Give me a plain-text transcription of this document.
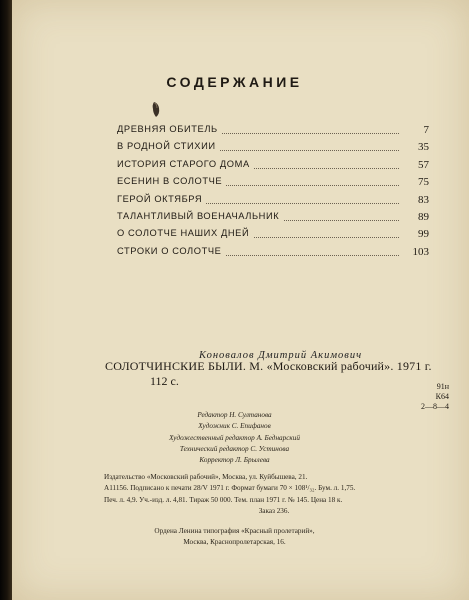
СОДЕРЖАНИЕ
ДРЕВНЯЯ ОБИТЕЛЬ	7
В РОДНОЙ СТИХИИ	35
ИСТОРИЯ СТАРОГО ДОМА	57
ЕСЕНИН В СОЛОТЧЕ	75
ГЕРОЙ ОКТЯБРЯ	83
ТАЛАНТЛИВЫЙ ВОЕНАЧАЛЬНИК	89
О СОЛОТЧЕ НАШИХ ДНЕЙ	99
СТРОКИ О СОЛОТЧЕ	103
Коновалов Дмитрий Акимович
СОЛОТЧИНСКИЕ БЫЛИ. М. «Московский рабочий». 1971 г.
112 с.	91н
К64
2—8—4
Редактор Н. Султанова
Художник С. Епифанов
Художественный редактор А. Беднарский
Технический редактор С. Устинова
Корректор Л. Брылева
Издательство «Московский рабочий», Москва, ул. Куйбышева, 21.
А11156. Подписано к печати 28/V 1971 г. Формат бумаги 70 × 108¹/₃₂. Бум. л. 1,75.
Печ. л. 4,9. Уч.-изд. л. 4,81. Тираж 50 000. Тем. план 1971 г. № 145. Цена 18 к.
Заказ 236.
Ордена Ленина типография «Красный пролетарий»,
Москва, Краснопролетарская, 16.
